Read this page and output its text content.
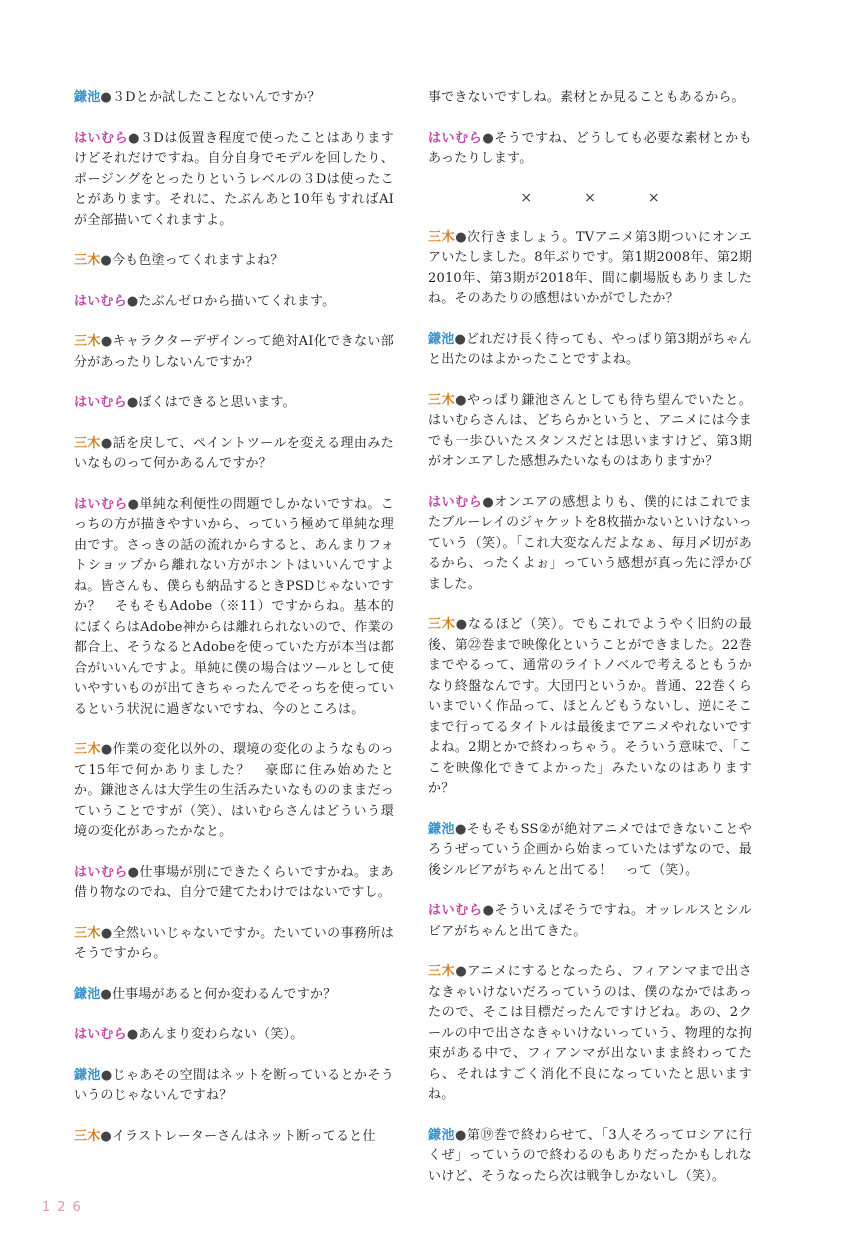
鎌池●３Dとか試したことないんですか？

はいむら●３Dは仮置き程度で使ったことはありますけどそれだけですね。自分自身でモデルを回したり、ポージングをとったりというレベルの３Dは使ったことがあります。それに、たぶんあと10年もすればAIが全部描いてくれますよ。

三木●今も色塗ってくれますよね？

はいむら●たぶんゼロから描いてくれます。

三木●キャラクターデザインって絶対AI化できない部分があったりしないんですか？

はいむら●ぼくはできると思います。

三木●話を戻して、ペイントツールを変える理由みたいなものって何かあるんですか？

はいむら●単純な利便性の問題でしかないですね。こっちの方が描きやすいから、っていう極めて単純な理由です。さっきの話の流れからすると、あんまりフォトショップから離れない方がホントはいいんですよね。皆さんも、僕らも納品するときPSDじゃないですか？　そもそもAdobe（※11）ですからね。基本的にぼくらはAdobe神からは離れられないので、作業の都合上、そうなるとAdobeを使っていた方が本当は都合がいいんですよ。単純に僕の場合はツールとして使いやすいものが出てきちゃったんでそっちを使っているという状況に過ぎないですね、今のところは。

三木●作業の変化以外の、環境の変化のようなものって15年で何かありました？　豪邸に住み始めたとか。鎌池さんは大学生の生活みたいなもののままだっていうことですが（笑）、はいむらさんはどういう環境の変化があったかなと。

はいむら●仕事場が別にできたくらいですかね。まあ借り物なのでね、自分で建てたわけではないですし。

三木●全然いいじゃないですか。たいていの事務所はそうですから。

鎌池●仕事場があると何か変わるんですか？

はいむら●あんまり変わらない（笑）。

鎌池●じゃあその空間はネットを断っているとかそういうのじゃないんですね？

三木●イラストレーターさんはネット断ってると仕

事できないですしね。素材とか見ることもあるから。

はいむら●そうですね、どうしても必要な素材とかもあったりします。

×	×	×

三木●次行きましょう。TVアニメ第3期ついにオンエアいたしました。8年ぶりです。第1期2008年、第2期2010年、第3期が2018年、間に劇場版もありましたね。そのあたりの感想はいかがでしたか？

鎌池●どれだけ長く待っても、やっぱり第3期がちゃんと出たのはよかったことですよね。

三木●やっぱり鎌池さんとしても待ち望んでいたと。はいむらさんは、どちらかというと、アニメには今までも一歩ひいたスタンスだとは思いますけど、第3期がオンエアした感想みたいなものはありますか？

はいむら●オンエアの感想よりも、僕的にはこれでまたブルーレイのジャケットを8枚描かないといけないっていう（笑）。「これ大変なんだよなぁ、毎月〆切があるから、ったくよぉ」っていう感想が真っ先に浮かびました。

三木●なるほど（笑）。でもこれでようやく旧約の最後、第㉒巻まで映像化ということができました。22巻までやるって、通常のライトノベルで考えるともうかなり終盤なんです。大団円というか。普通、22巻くらいまでいく作品って、ほとんどもうないし、逆にそこまで行ってるタイトルは最後までアニメやれないですよね。2期とかで終わっちゃう。そういう意味で、「ここを映像化できてよかった」みたいなのはありますか？

鎌池●そもそもSS②が絶対アニメではできないことやろうぜっていう企画から始まっていたはずなので、最後シルビアがちゃんと出てる！　って（笑）。

はいむら●そういえばそうですね。オッレルスとシルビアがちゃんと出てきた。

三木●アニメにするとなったら、フィアンマまで出さなきゃいけないだろっていうのは、僕のなかではあったので、そこは目標だったんですけどね。あの、2クールの中で出さなきゃいけないっていう、物理的な拘束がある中で、フィアンマが出ないまま終わってたら、それはすごく消化不良になっていたと思いますね。

鎌池●第⑲巻で終わらせて、「3人そろってロシアに行くぜ」っていうので終わるのもありだったかもしれないけど、そうなったら次は戦争しかないし（笑）。

126
